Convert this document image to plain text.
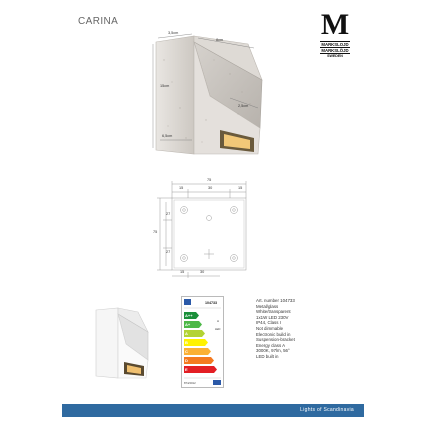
CARINA	M
MARKSLOJD
MARKSLÖJD
SWEDEN
3,5cm
8cm
15cm
2,5cm
6,5cm
75
15	30	15
75
27
27
15	30
104733
A++
A+
A
B
C
D
E
A
LED
874/2012
Art. number 104733
Metal/glass
White/transparent
1x1W LED 230V
IP44, Class I
Not dimmable
Electronic build in
Suspension-bracket
Energy class A
3000K, 97lm, 56°
LED built in
Lights of Scandinavia
